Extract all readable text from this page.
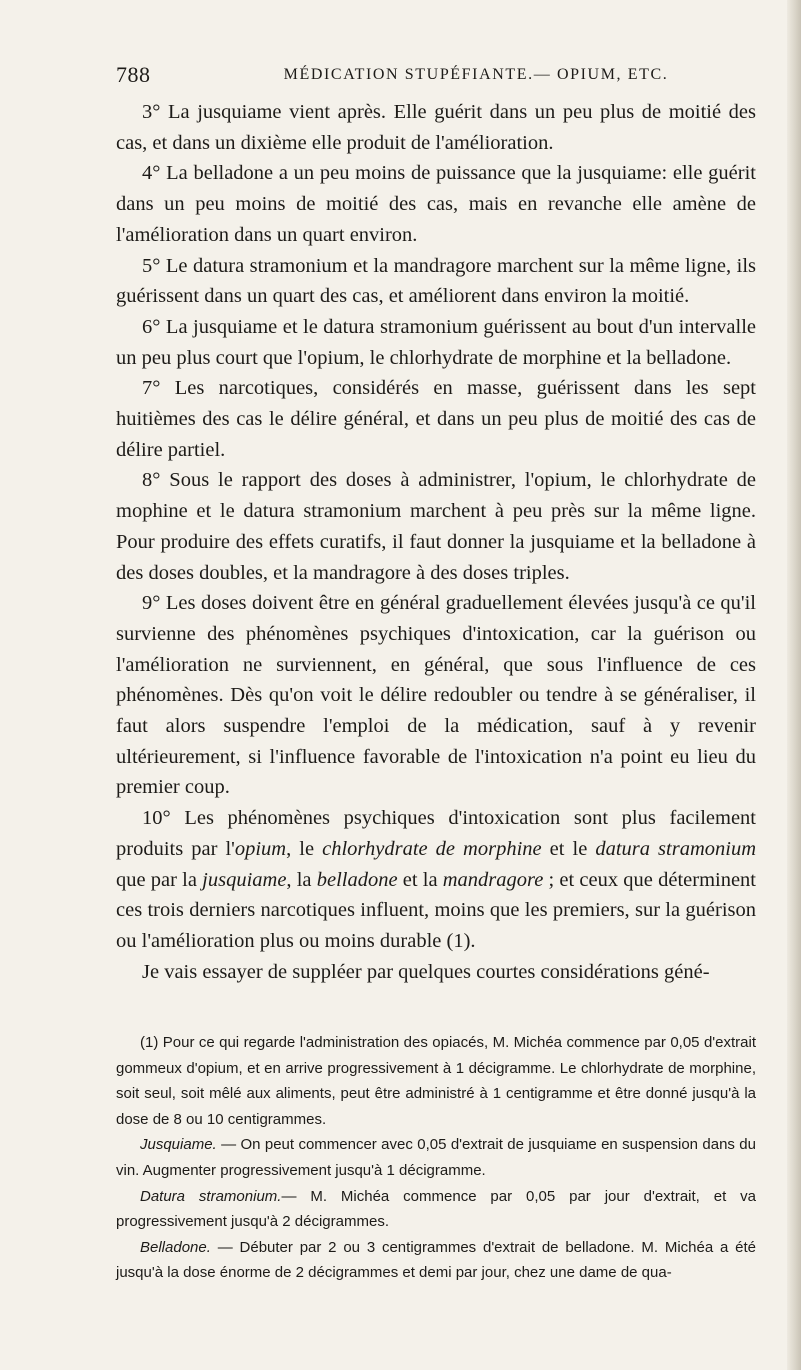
788	MÉDICATION STUPÉFIANTE.— OPIUM, ETC.

3° La jusquiame vient après. Elle guérit dans un peu plus de moitié des cas, et dans un dixième elle produit de l'amélioration.

4° La belladone a un peu moins de puissance que la jusquiame: elle guérit dans un peu moins de moitié des cas, mais en revanche elle amène de l'amélioration dans un quart environ.

5° Le datura stramonium et la mandragore marchent sur la même ligne, ils guérissent dans un quart des cas, et améliorent dans environ la moitié.

6° La jusquiame et le datura stramonium guérissent au bout d'un intervalle un peu plus court que l'opium, le chlorhydrate de morphine et la belladone.

7° Les narcotiques, considérés en masse, guérissent dans les sept huitièmes des cas le délire général, et dans un peu plus de moitié des cas de délire partiel.

8° Sous le rapport des doses à administrer, l'opium, le chlorhydrate de mophine et le datura stramonium marchent à peu près sur la même ligne. Pour produire des effets curatifs, il faut donner la jusquiame et la belladone à des doses doubles, et la mandragore à des doses triples.

9° Les doses doivent être en général graduellement élevées jusqu'à ce qu'il survienne des phénomènes psychiques d'intoxication, car la guérison ou l'amélioration ne surviennent, en général, que sous l'influence de ces phénomènes. Dès qu'on voit le délire redoubler ou tendre à se généraliser, il faut alors suspendre l'emploi de la médication, sauf à y revenir ultérieurement, si l'influence favorable de l'intoxication n'a point eu lieu du premier coup.

10° Les phénomènes psychiques d'intoxication sont plus facilement produits par l'opium, le chlorhydrate de morphine et le datura stramonium que par la jusquiame, la belladone et la mandragore ; et ceux que déterminent ces trois derniers narcotiques influent, moins que les premiers, sur la guérison ou l'amélioration plus ou moins durable (1).

Je vais essayer de suppléer par quelques courtes considérations géné-

(1) Pour ce qui regarde l'administration des opiacés, M. Michéa commence par 0,05 d'extrait gommeux d'opium, et en arrive progressivement à 1 décigramme. Le chlorhydrate de morphine, soit seul, soit mêlé aux aliments, peut être administré à 1 centigramme et être donné jusqu'à la dose de 8 ou 10 centigrammes.

Jusquiame. — On peut commencer avec 0,05 d'extrait de jusquiame en suspension dans du vin. Augmenter progressivement jusqu'à 1 décigramme.

Datura stramonium.— M. Michéa commence par 0,05 par jour d'extrait, et va progressivement jusqu'à 2 décigrammes.

Belladone. — Débuter par 2 ou 3 centigrammes d'extrait de belladone. M. Michéa a été jusqu'à la dose énorme de 2 décigrammes et demi par jour, chez une dame de qua-
